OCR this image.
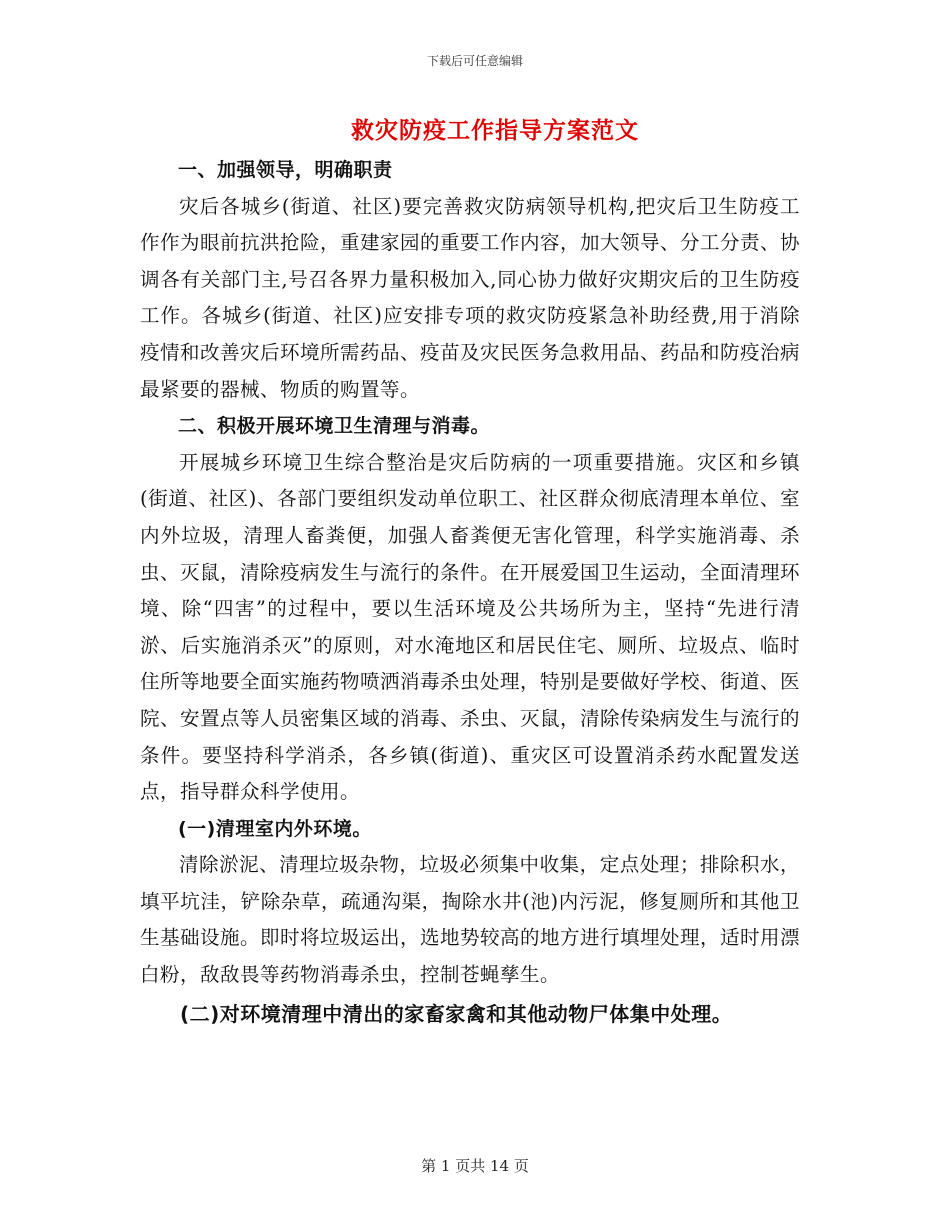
下载后可任意编辑
救灾防疫工作指导方案范文

一、加强领导，明确职责

灾后各城乡(街道、社区)要完善救灾防病领导机构,把灾后卫生防疫工作作为眼前抗洪抢险，重建家园的重要工作内容，加大领导、分工分责、协调各有关部门主,号召各界力量积极加入,同心协力做好灾期灾后的卫生防疫工作。各城乡(街道、社区)应安排专项的救灾防疫紧急补助经费,用于消除疫情和改善灾后环境所需药品、疫苗及灾民医务急救用品、药品和防疫治病最紧要的器械、物质的购置等。

二、积极开展环境卫生清理与消毒。

开展城乡环境卫生综合整治是灾后防病的一项重要措施。灾区和乡镇(街道、社区)、各部门要组织发动单位职工、社区群众彻底清理本单位、室内外垃圾，清理人畜粪便，加强人畜粪便无害化管理，科学实施消毒、杀虫、灭鼠，清除疫病发生与流行的条件。在开展爱国卫生运动，全面清理环境、除“四害”的过程中，要以生活环境及公共场所为主，坚持“先进行清淤、后实施消杀灭”的原则，对水淹地区和居民住宅、厕所、垃圾点、临时住所等地要全面实施药物喷洒消毒杀虫处理，特别是要做好学校、街道、医院、安置点等人员密集区域的消毒、杀虫、灭鼠，清除传染病发生与流行的条件。要坚持科学消杀，各乡镇(街道)、重灾区可设置消杀药水配置发送点，指导群众科学使用。

(一)清理室内外环境。

清除淤泥、清理垃圾杂物，垃圾必须集中收集，定点处理；排除积水，填平坑洼，铲除杂草，疏通沟渠，掏除水井(池)内污泥，修复厕所和其他卫生基础设施。即时将垃圾运出，选地势较高的地方进行填埋处理，适时用漂白粉，敌敌畏等药物消毒杀虫，控制苍蝇孳生。

(二)对环境清理中清出的家畜家禽和其他动物尸体集中处理。

第 1 页共 14 页
